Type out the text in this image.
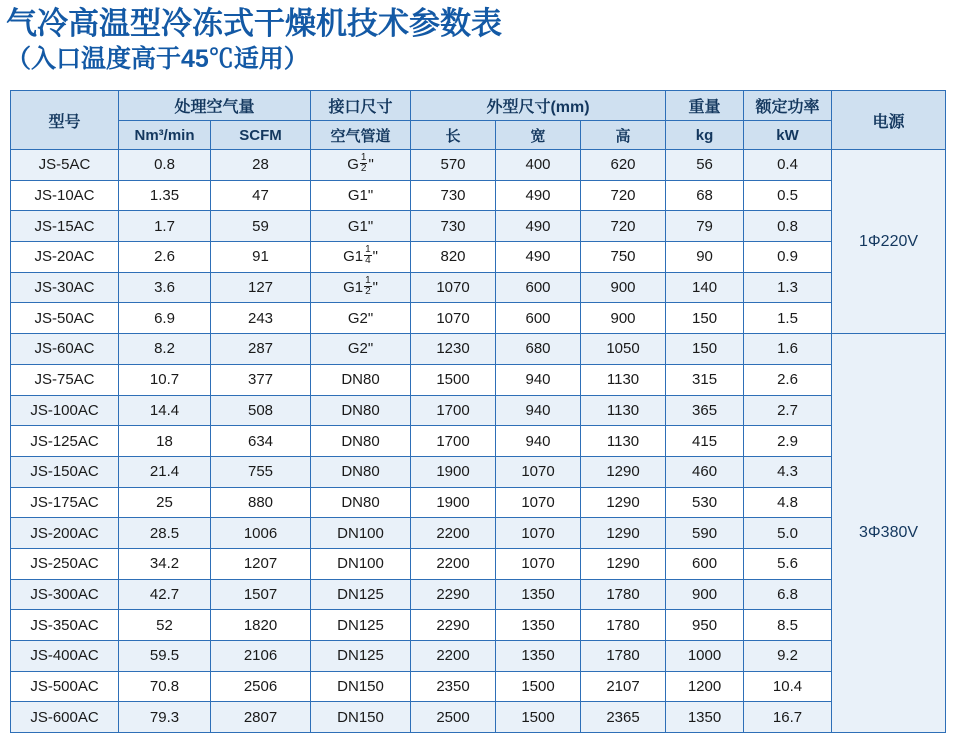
气冷高温型冷冻式干燥机技术参数表
（入口温度高于45℃适用）
型号	处理空气量		接口尺寸	外型尺寸(mm)			重量	额定功率	电源
	Nm³/min	SCFM	空气管道	长	宽	高	kg	kW	
JS-5AC	0.8	28	G $\frac{1}{2}$ "	570	400	620	56	0.4	1Φ220V
JS-10AC	1.35	47	G1"	730	490	720	68	0.5	
JS-15AC	1.7	59	G1"	730	490	720	79	0.8	
JS-20AC	2.6	91	$G1 \frac{1}{4}$ "	820	490	750	90	0.9	
JS-30AC	3.6	127	$G1 \frac{1}{2}$ "	1070	600	900	140	1.3	
JS-50AC	6.9	243	G2"	1070	600	900	150	1.5	
JS-60AC	8.2	287	G2"	1230	680	1050	150	1.6	3Φ380V
JS-75AC	10.7	377	DN80	1500	940	1130	315	2.6	
JS-100AC	14.4	508	DN80	1700	940	1130	365	2.7	
JS-125AC	18	634	DN80	1700	940	1130	415	2.9	
JS-150AC	21.4	755	DN80	1900	1070	1290	460	4.3	
JS-175AC	25	880	DN80	1900	1070	1290	530	4.8	
JS-200AC	28.5	1006	DN100	2200	1070	1290	590	5.0	
JS-250AC	34.2	1207	DN100	2200	1070	1290	600	5.6	
JS-300AC	42.7	1507	DN125	2290	1350	1780	900	6.8	
JS-350AC	52	1820	DN125	2290	1350	1780	950	8.5	
JS-400AC	59.5	2106	DN125	2200	1350	1780	1000	9.2	
JS-500AC	70.8	2506	DN150	2350	1500	2107	1200	10.4	
JS-600AC	79.3	2807	DN150	2500	1500	2365	1350	16.7	
